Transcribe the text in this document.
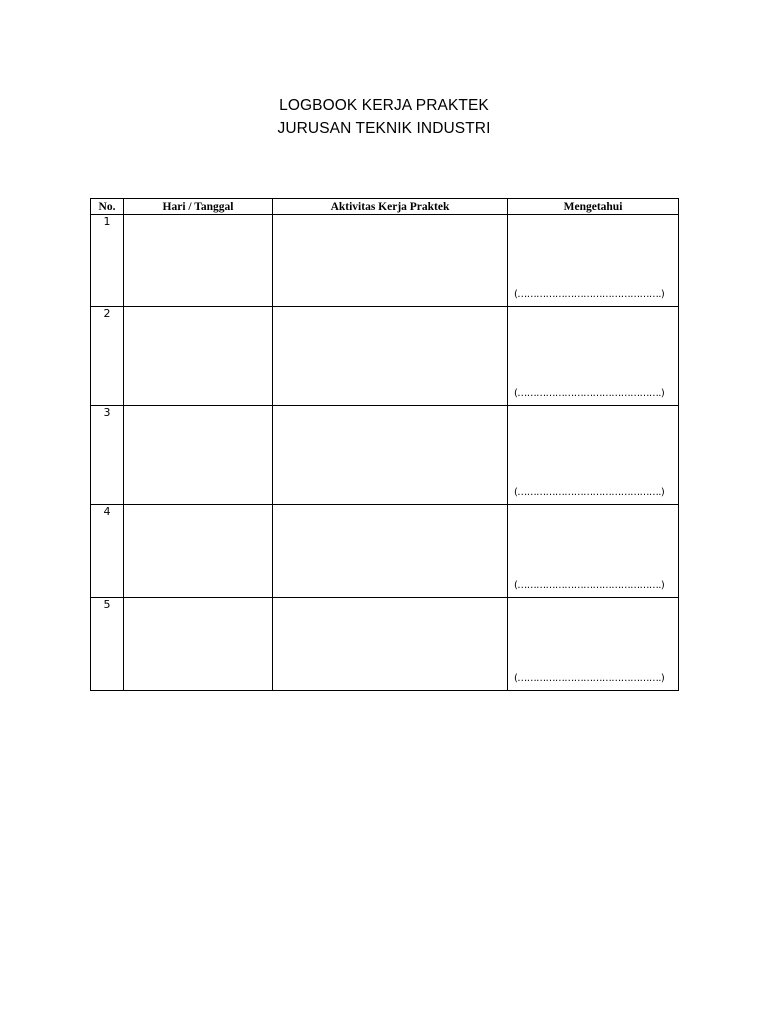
LOGBOOK KERJA PRAKTEK
JURUSAN TEKNIK INDUSTRI
No.	Hari / Tanggal	Aktivitas Kerja Praktek	Mengetahui
1			(……………………………………….)

2			(……………………………………….)

3			(……………………………………….)

4			(……………………………………….)

5			(……………………………………….)
